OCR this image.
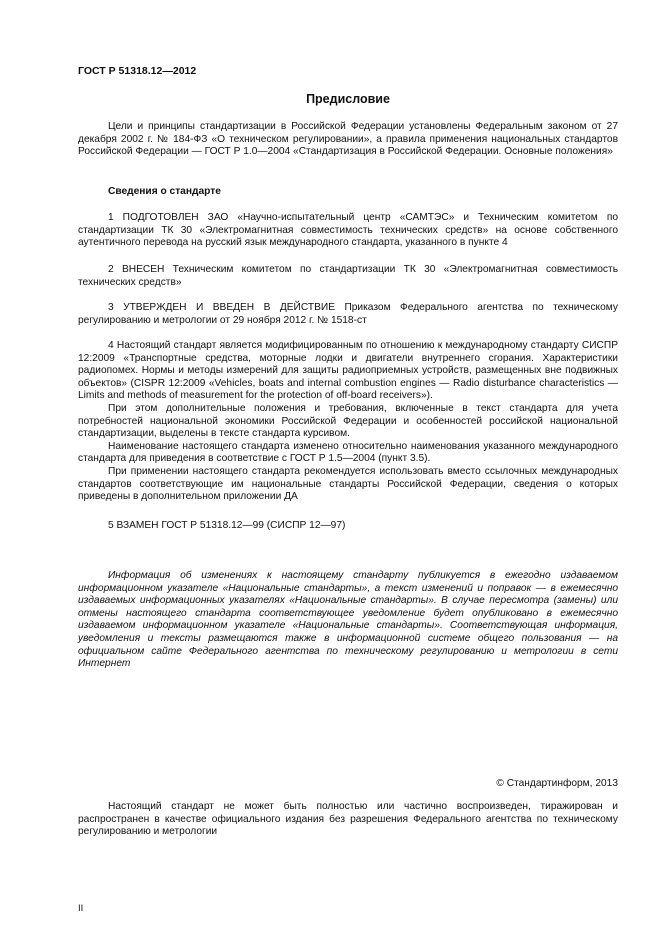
ГОСТ Р 51318.12—2012
Предисловие

Цели и принципы стандартизации в Российской Федерации установлены Федеральным законом от 27 декабря 2002 г. № 184-ФЗ «О техническом регулировании», а правила применения национальных стандартов Российской Федерации — ГОСТ Р 1.0—2004 «Стандартизация в Российской Федерации. Основные положения»

Сведения о стандарте

1 ПОДГОТОВЛЕН ЗАО «Научно-испытательный центр «САМТЭС» и Техническим комитетом по стандартизации ТК 30 «Электромагнитная совместимость технических средств» на основе собственного аутентичного перевода на русский язык международного стандарта, указанного в пункте 4

2 ВНЕСЕН Техническим комитетом по стандартизации ТК 30 «Электромагнитная совместимость технических средств»

3 УТВЕРЖДЕН И ВВЕДЕН В ДЕЙСТВИЕ Приказом Федерального агентства по техническому регулированию и метрологии от 29 ноября 2012 г. № 1518-ст

4 Настоящий стандарт является модифицированным по отношению к международному стандарту СИСПР 12:2009 «Транспортные средства, моторные лодки и двигатели внутреннего сгорания. Характеристики радиопомех. Нормы и методы измерений для защиты радиоприемных устройств, размещенных вне подвижных объектов» (CISPR 12:2009 «Vehicles, boats and internal combustion engines — Radio disturbance characteristics — Limits and methods of measurement for the protection of off-board receivers»).

При этом дополнительные положения и требования, включенные в текст стандарта для учета потребностей национальной экономики Российской Федерации и особенностей российской национальной стандартизации, выделены в тексте стандарта курсивом.

Наименование настоящего стандарта изменено относительно наименования указанного международного стандарта для приведения в соответствие с ГОСТ Р 1.5—2004 (пункт 3.5).

При применении настоящего стандарта рекомендуется использовать вместо ссылочных международных стандартов соответствующие им национальные стандарты Российской Федерации, сведения о которых приведены в дополнительном приложении ДА

5 ВЗАМЕН ГОСТ Р 51318.12—99 (СИСПР 12—97)

Информация об изменениях к настоящему стандарту публикуется в ежегодно издаваемом информационном указателе «Национальные стандарты», а текст изменений и поправок — в ежемесячно издаваемых информационных указателях «Национальные стандарты». В случае пересмотра (замены) или отмены настоящего стандарта соответствующее уведомление будет опубликовано в ежемесячно издаваемом информационном указателе «Национальные стандарты». Соответствующая информация, уведомления и тексты размещаются также в информационной системе общего пользования — на официальном сайте Федерального агентства по техническому регулированию и метрологии в сети Интернет

© Стандартинформ, 2013

Настоящий стандарт не может быть полностью или частично воспроизведен, тиражирован и распространен в качестве официального издания без разрешения Федерального агентства по техническому регулированию и метрологии

II
